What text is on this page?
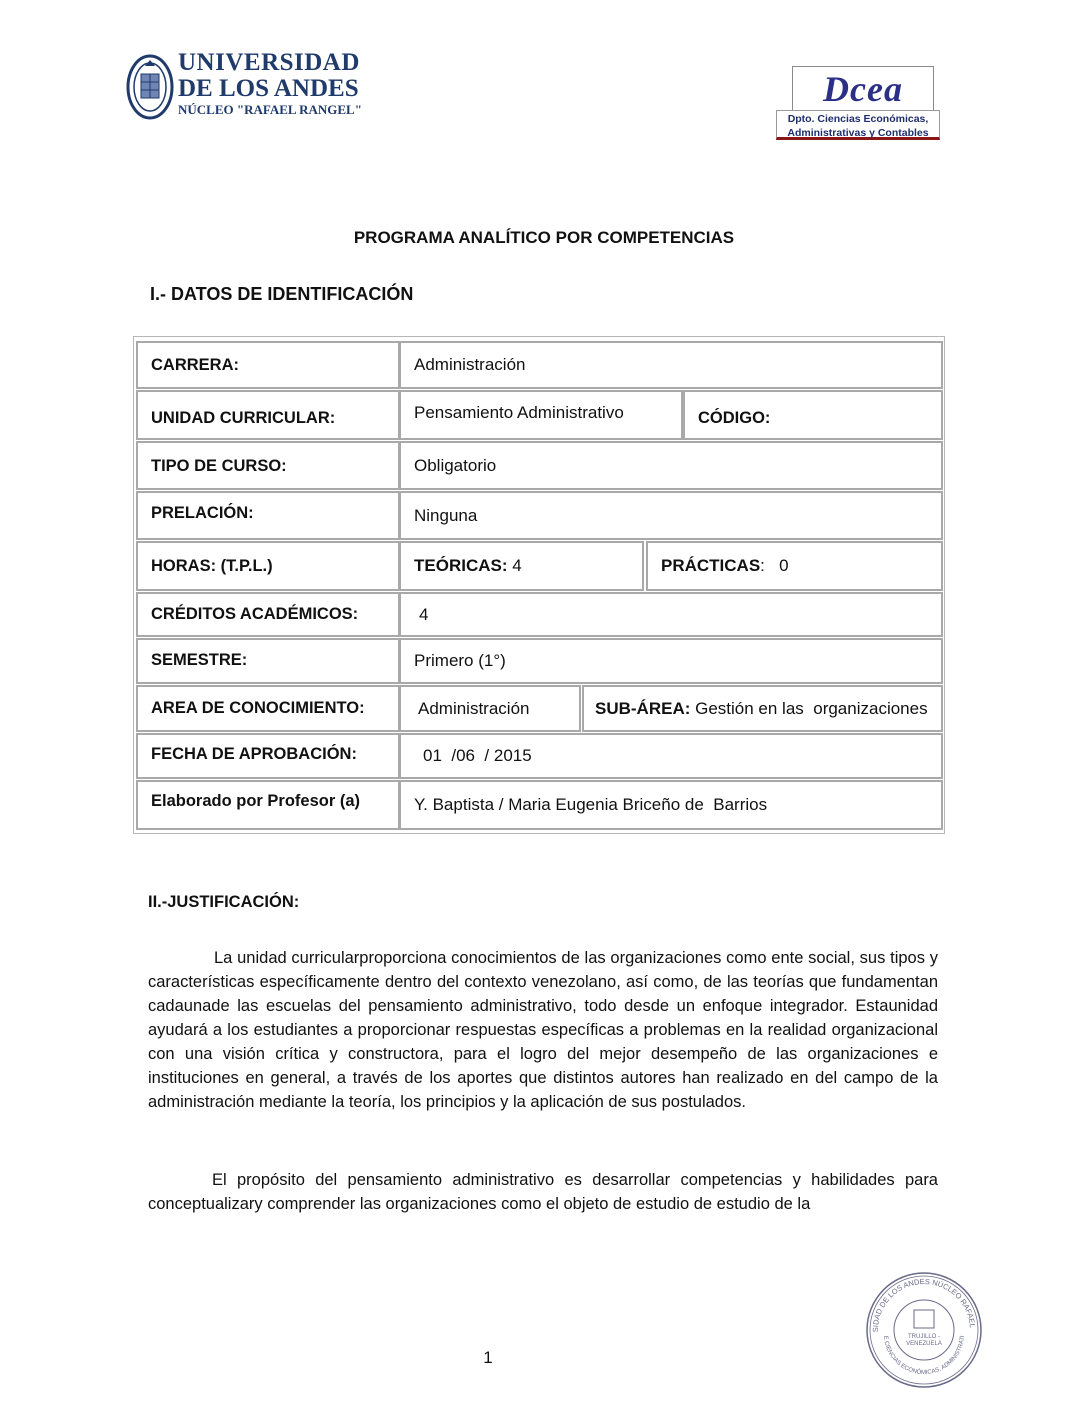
UNIVERSIDAD
DE LOS ANDES
NÚCLEO "RAFAEL RANGEL"
Dcea
Dpto. Ciencias Económicas,
Administrativas y Contables
PROGRAMA ANALÍTICO POR COMPETENCIAS
I.- DATOS DE IDENTIFICACIÓN
CARRERA:	Administración
UNIDAD CURRICULAR:	Pensamiento Administrativo	CÓDIGO:
TIPO DE CURSO:	Obligatorio
PRELACIÓN:	Ninguna
HORAS: (T.P.L.)	TEÓRICAS: 4	PRÁCTICAS :   0
CRÉDITOS ACADÉMICOS:	4
SEMESTRE:	Primero (1°)
AREA DE CONOCIMIENTO:	Administración	SUB-ÁREA: Gestión en las  organizaciones
FECHA DE APROBACIÓN:	01  /06  / 2015
Elaborado por Profesor (a)	Y. Baptista / Maria Eugenia Briceño de  Barrios
II.-JUSTIFICACIÓN:
La unidad curricularproporciona conocimientos de las organizaciones como ente social, sus tipos y características específicamente dentro del contexto venezolano, así como, de las teorías que fundamentan cadaunade las escuelas del pensamiento administrativo, todo desde un enfoque integrador. Estaunidad ayudará a los estudiantes a proporcionar respuestas específicas a problemas en la realidad organizacional con una visión crítica y constructora, para el logro del mejor desempeño de las organizaciones e instituciones en general, a través de los aportes que distintos autores han realizado en del campo de la administración mediante la teoría, los principios y la aplicación de sus postulados.
El propósito del pensamiento administrativo es desarrollar competencias y habilidades para conceptualizary comprender las organizaciones como el objeto de estudio de estudio de la
SIDAD DE LOS ANDES NÚCLEO RAFAEL
E CIENCIAS ECONÓMICAS, ADMINISTRATI
TRUJILLO -
VENEZUELA
1
